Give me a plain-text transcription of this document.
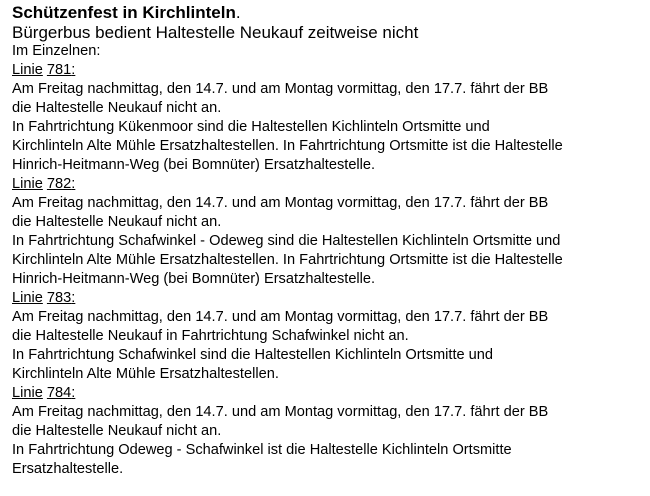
Schützenfest in Kirchlinteln.

Bürgerbus bedient Haltestelle Neukauf zeitweise nicht

Im Einzelnen:

Linie 781:

Am Freitag nachmittag, den 14.7. und am Montag vormittag, den 17.7. fährt der BB

die Haltestelle Neukauf nicht an.

In Fahrtrichtung Kükenmoor sind die Haltestellen Kichlinteln Ortsmitte und

Kirchlinteln Alte Mühle Ersatzhaltestellen. In Fahrtrichtung Ortsmitte ist die Haltestelle

Hinrich-Heitmann-Weg (bei Bomnüter) Ersatzhaltestelle.

Linie 782:

Am Freitag nachmittag, den 14.7. und am Montag vormittag, den 17.7. fährt der BB

die Haltestelle Neukauf nicht an.

In Fahrtrichtung Schafwinkel - Odeweg sind die Haltestellen Kichlinteln Ortsmitte und

Kirchlinteln Alte Mühle Ersatzhaltestellen. In Fahrtrichtung Ortsmitte ist die Haltestelle

Hinrich-Heitmann-Weg (bei Bomnüter) Ersatzhaltestelle.

Linie 783:

Am Freitag nachmittag, den 14.7. und am Montag vormittag, den 17.7. fährt der BB

die Haltestelle Neukauf in Fahrtrichtung Schafwinkel nicht an.

In Fahrtrichtung Schafwinkel sind die Haltestellen Kichlinteln Ortsmitte und

Kirchlinteln Alte Mühle Ersatzhaltestellen.

Linie 784:

Am Freitag nachmittag, den 14.7. und am Montag vormittag, den 17.7. fährt der BB

die Haltestelle Neukauf nicht an.

In Fahrtrichtung Odeweg - Schafwinkel ist die Haltestelle Kichlinteln Ortsmitte

Ersatzhaltestelle.
